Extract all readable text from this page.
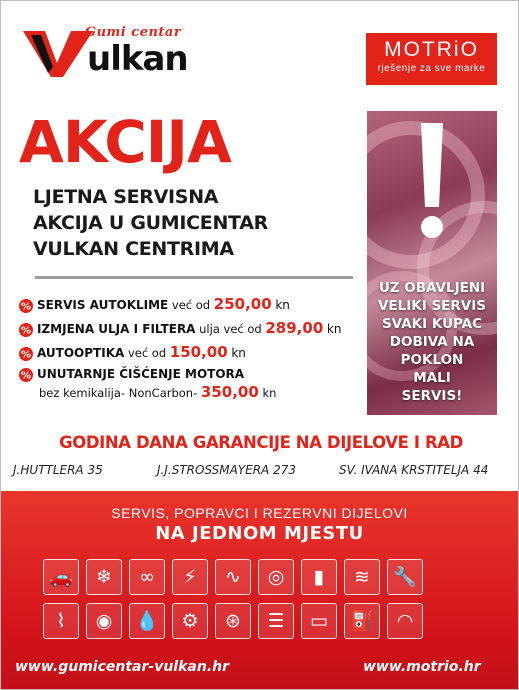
Gumi centar
ulkan	MOTRiO
rješenje za sve marke
AKCIJA
LJETNA SERVISNA
AKCIJA U GUMICENTAR
VULKAN CENTRIMA
% SERVIS AUTOKLIME već od 250,00 kn
% IZMJENA ULJA I FILTERA ulja već od 289,00 kn
% AUTOOPTIKA već od 150,00 kn
% UNUTARNJE ČIŠĆENJE MOTORA
bez kemikalija- NonCarbon- 350,00 kn
UZ OBAVLJENI
VELIKI SERVIS
SVAKI KUPAC
DOBIVA NA
POKLON
MALI
SERVIS!
GODINA DANA GARANCIJE NA DIJELOVE I RAD
J.HUTTLERA 35	J.J.STROSSMAYERA 273	SV. IVANA KRSTITELJA 44
SERVIS, POPRAVCI I REZERVNI DIJELOVI
NA JEDNOM MJESTU
🚗	❄	∞	⚡	∿	◎	▮	≋	🔧
⌇	◉	💧	⚙	⊛	☰	▭	⛽	◠
www.gumicentar-vulkan.hr	www.motrio.hr
